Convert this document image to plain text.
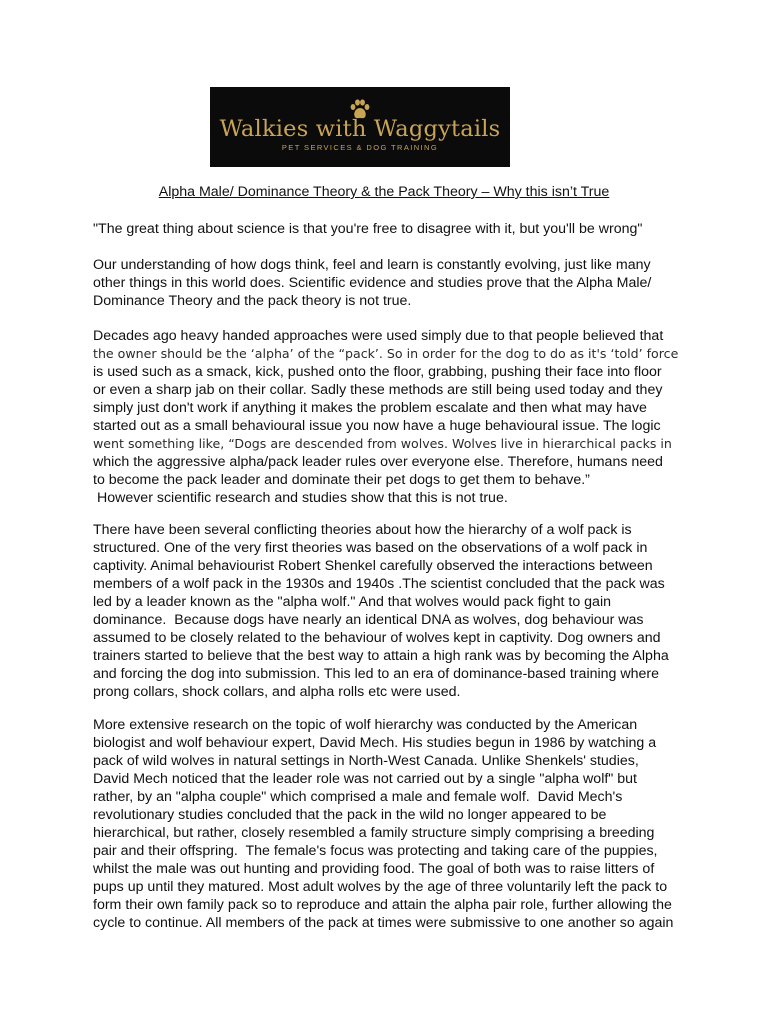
Walkies with Waggytails
PET SERVICES & DOG TRAINING
Alpha Male/ Dominance Theory & the Pack Theory – Why this isn’t True
"The great thing about science is that you're free to disagree with it, but you'll be wrong"
Our understanding of how dogs think, feel and learn is constantly evolving, just like many
other things in this world does. Scientific evidence and studies prove that the Alpha Male/
Dominance Theory and the pack theory is not true.
Decades ago heavy handed approaches were used simply due to that people believed that
the owner should be the ‘alpha’ of the “pack’. So in order for the dog to do as it's ‘told’ force
is used such as a smack, kick, pushed onto the floor, grabbing, pushing their face into floor
or even a sharp jab on their collar. Sadly these methods are still being used today and they
simply just don't work if anything it makes the problem escalate and then what may have
started out as a small behavioural issue you now have a huge behavioural issue. The logic
went something like, “Dogs are descended from wolves. Wolves live in hierarchical packs in
which the aggressive alpha/pack leader rules over everyone else. Therefore, humans need
to become the pack leader and dominate their pet dogs to get them to behave.”
However scientific research and studies show that this is not true.
There have been several conflicting theories about how the hierarchy of a wolf pack is
structured. One of the very first theories was based on the observations of a wolf pack in
captivity. Animal behaviourist Robert Shenkel carefully observed the interactions between
members of a wolf pack in the 1930s and 1940s .The scientist concluded that the pack was
led by a leader known as the "alpha wolf." And that wolves would pack fight to gain
dominance.  Because dogs have nearly an identical DNA as wolves, dog behaviour was
assumed to be closely related to the behaviour of wolves kept in captivity. Dog owners and
trainers started to believe that the best way to attain a high rank was by becoming the Alpha
and forcing the dog into submission. This led to an era of dominance-based training where
prong collars, shock collars, and alpha rolls etc were used.
More extensive research on the topic of wolf hierarchy was conducted by the American
biologist and wolf behaviour expert, David Mech. His studies begun in 1986 by watching a
pack of wild wolves in natural settings in North-West Canada. Unlike Shenkels' studies,
David Mech noticed that the leader role was not carried out by a single "alpha wolf" but
rather, by an "alpha couple" which comprised a male and female wolf.  David Mech's
revolutionary studies concluded that the pack in the wild no longer appeared to be
hierarchical, but rather, closely resembled a family structure simply comprising a breeding
pair and their offspring.  The female's focus was protecting and taking care of the puppies,
whilst the male was out hunting and providing food. The goal of both was to raise litters of
pups up until they matured. Most adult wolves by the age of three voluntarily left the pack to
form their own family pack so to reproduce and attain the alpha pair role, further allowing the
cycle to continue. All members of the pack at times were submissive to one another so again
